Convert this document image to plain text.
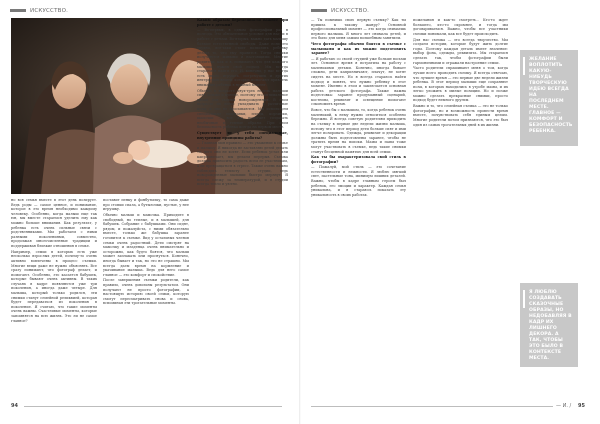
ИСКУССТВО.	ИСКУССТВО.

но вся семья вместе в этот день позирует. Ведь роды — самое ценное, и понимание, которое в это время необходимо каждому человеку. Особенно, когда малыш еще так юн, мы вместе стараемся уделить ему как можно больше внимания. Как результат, у ребенка есть очень сильные связи с родственниками. Мы работаем с ними разными поколениями, совместно, продолжая многочисленные традиции и поддерживая близкие отношения в семье.

Например, семьи в которых есть уже несколько взрослых детей, почему-то очень активно вовлечены в процесс съемки. Многие вещи даже не нужно объяснять. Все сразу понимают, что фотограф делает, и помогают. Особенно, это касается бабушек, которые бывают очень активны. В таких случаях в кадре появляются уже три поколения, а иногда даже четыре. Для малыша, который только родился, эти снимки станут семейной реликвией, которая будет передаваться из поколения в поколение. Я считаю, что такие моменты очень важны. Счастливые моменты, которые запомнятся на всю жизнь. Это ли не самое главное?

поставит пенку и фонбутылку, то сама даже про стопки спала, а бутылочки, пустые, у нее игрушку.

Обычно малыш и мамочка. Приходите в свободный, но теплые, и в малышей, для бабушек. Собрание с бабушками. Они сидят, рядом, и пожалуйста, с ними обязательно вместе, только же бабушка заранее готовится к съемке. Вид у остальных членов семьи очень радостный. Дети смотрят на мамочку и младенца очень внимательно и осторожно, как будто боятся, что малыш может заплакать или проснуться. Конечно, иногда бывает и так, но это не страшно. Мы всегда даем время на кормление и укачивание малыша. Ведь для него самое главное — это комфорт и спокойствие.

После завершения съемки родители, как правило, очень довольны результатом. Они получают не просто фотографии, а настоящую историю своей семьи, которую смогут пересматривать снова и снова, вспоминая эти трогательные моменты.

Каким образом беременности важнее при работе с детьми?

— Во-первых, в одном фотографии раз в полгода. Это обязательное условие для нас, и в работе с детьми. Во-вторых, важно дать малышу больше естественной свободы. Даже если это трудно, все-таки стоит позволить ребенку делать то, что ему нравится. Тогда снимки получаются живыми и настоящими. Многие родители, как и я, понимают, что для каждого малыша нужен свой подход. Мы всегда стараемся найти его. И, конечно, у нас всегда есть много игрушек, погремушек и других интересных вещей, которые помогают привлечь внимание ребенка в нужный момент.

Обычно в возрасте двух-трех недель малыши спят дольше и крепче, поэтому это оптимальное время для съемки новорожденных. В этом возрасте их легко укладывать в различные позы, и они не просыпаются. Мы используем специальные подставки, пледы, корзинки, шапочки — все это помогает создавать необычные и теплые образы. При этом безопасность ребенка всегда на первом месте.

Существует ли у тебя специальные, внутренние принципы работы?

— Главная моя правило — это уважение к семье и малышу. Я никогда не заставляю детей делать то, чего они не хотят. Если ребенок устал или капризничает, мы делаем перерыв. Съемка должна приносить радость всем ее участникам, а не превращаться в стресс. Также очень важно соблюдать теплоту в студии, ведь новорожденные малыши быстро мерзнут. Я всегда слежу за температурой, и в студии всегда тепло и уютно.

— Ты помнишь свою первую съемку? Как ты пришла к такому жанру? Основной профессиональный момент — это когда снимаешь первого малыша. Я много лет снимала детей, и это было для меня самым волшебным занятием.

Чего фотографы обычно боятся в съемке с малышами и как их можно подготовить заранее?

— Я работаю со своей студией уже больше восьми лет. Основное время я потратила на работу с маленькими детьми. Конечно, иногда бывает сложно, дети капризничают, плачут, не хотят сидеть на месте. Но я всегда стараюсь найти подход и понять, что нужно ребенку в этот момент. Именно в этом и заключается основная работа детского фотографа. Также важна подготовка: заранее продуманный сценарий, костюмы, реквизит и освещение помогают сэкономить время.

Вовсе, что бы с малышом, то, когда ребенок очень маленький, к нему нужно относиться особенно бережно. Я всегда советую родителям приходить на съемку в первые две недели жизни малыша, потому что в этот период дети больше спят и ими легче позировать. Одежда, реквизит и декорации должны быть подготовлены заранее, чтобы не тратить время на поиски. Мамы и папы тоже могут участвовать в съемке, ведь такие снимки станут бесценной памятью для всей семьи.

Как ты бы охарактеризовала свой стиль в фотографии?

— Пожалуй, мой стиль — это сочетание естественности и нежности. Я люблю мягкий свет, пастельные тона, минимум лишних деталей. Важно, чтобы в кадре главным героем был ребенок, его эмоции и характер. Каждая семья уникальна, и я стараюсь показать эту уникальность в своих работах.

пожелания и как-то смотреть... Кто-то ждет большего, кто-то скромнее, и тогда мы договариваемся. Важно, чтобы все участники съемки понимали, как все будет происходить.

Для нас съемка — это всегда творчество. Мы создаем истории, которые будут жить долгие годы. Поэтому каждая деталь имеет значение: выбор фона, одежды, реквизита. Мы стараемся сделать так, чтобы фотографии были гармоничными и отражали настроение семьи.

Часто родители спрашивают меня о том, когда лучше всего проводить съемку. Я всегда отвечаю, что лучшее время — это первые две недели жизни ребенка. В этот период малыши еще сохраняют позы, в которых находились в утробе мамы, и их легко уложить в милые позиции. Но и позже можно сделать прекрасные снимки, просто подход будет немного другим.

Важно и то, что семейная съемка — это не только фотографии, но и возможность провести время вместе, почувствовать себя единым целым. Многие родители потом признаются, что это был один из самых трогательных дней в их жизни.

ЖЕЛАНИЕ ВОПЛОТИТЬ КАКУЮ-НИБУДЬ ТВОРЧЕСКУЮ ИДЕЮ ВСЕГДА НА ПОСЛЕДНЕМ МЕСТЕ. ГЛАВНОЕ — КОМФОРТ И БЕЗОПАСНОСТЬ РЕБЕНКА.
Я ЛЮБЛЮ СОЗДАВАТЬ СКАЗОЧНЫЕ ОБРАЗЫ, НО НЕДОБАВЛЯЯ В КАДР ИХ ЛИШНЕГО ДЕКОРА. А ТАК, ЧТОБЫ ЭТО БЫЛО В КОНТЕКСТЕ МЕСТА.
94	— И. / 95
